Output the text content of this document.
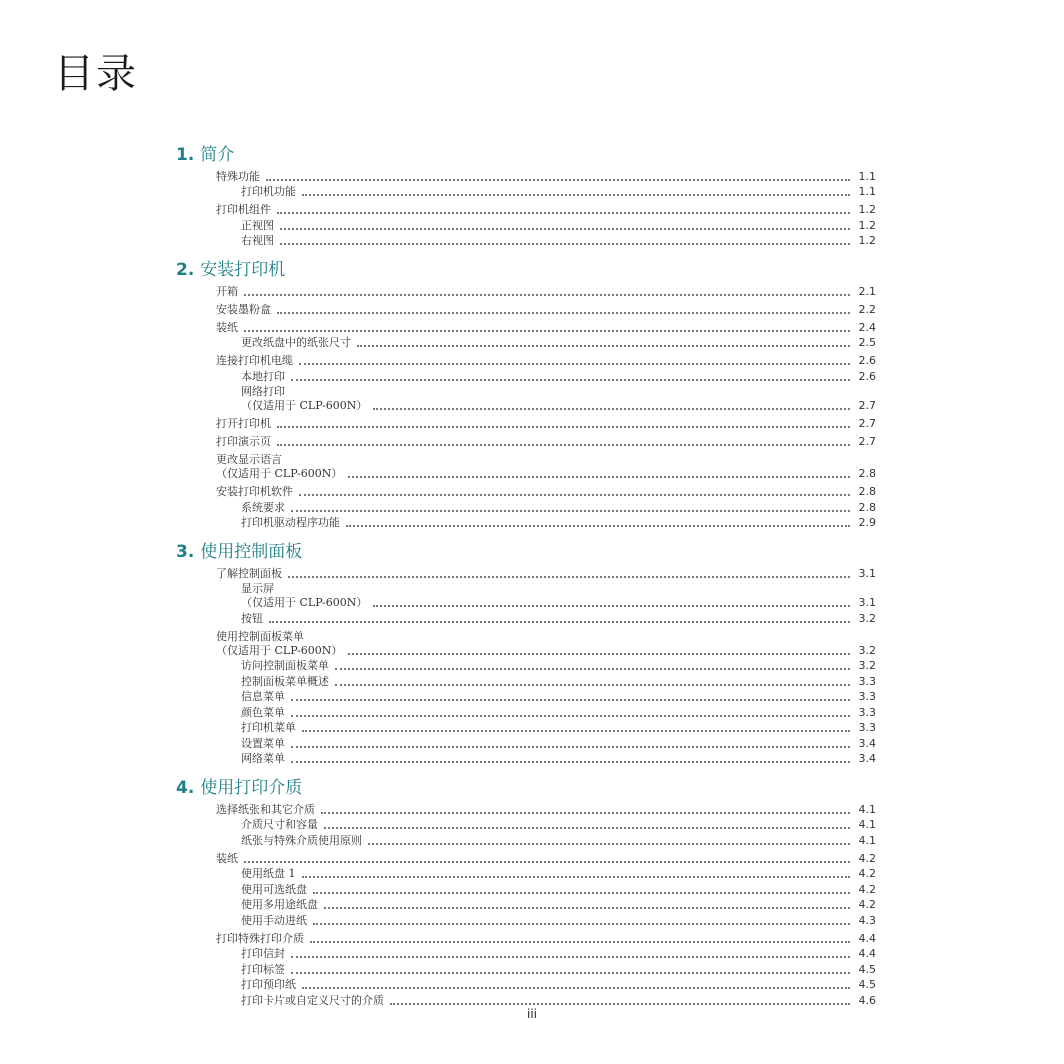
目录
1. 简介
特殊功能	1.1
打印机功能	1.1
打印机组件	1.2
正视图	1.2
右视图	1.2
2. 安装打印机
开箱	2.1
安装墨粉盒	2.2
装纸	2.4
更改纸盘中的纸张尺寸	2.5
连接打印机电缆	2.6
本地打印	2.6
网络打印
（仅适用于 CLP-600N）	2.7
打开打印机	2.7
打印演示页	2.7
更改显示语言
（仅适用于 CLP-600N）	2.8
安装打印机软件	2.8
系统要求	2.8
打印机驱动程序功能	2.9
3. 使用控制面板
了解控制面板	3.1
显示屏
（仅适用于 CLP-600N）	3.1
按钮	3.2
使用控制面板菜单
（仅适用于 CLP-600N）	3.2
访问控制面板菜单	3.2
控制面板菜单概述	3.3
信息菜单	3.3
颜色菜单	3.3
打印机菜单	3.3
设置菜单	3.4
网络菜单	3.4
4. 使用打印介质
选择纸张和其它介质	4.1
介质尺寸和容量	4.1
纸张与特殊介质使用原则	4.1
装纸	4.2
使用纸盘 1	4.2
使用可选纸盘	4.2
使用多用途纸盘	4.2
使用手动进纸	4.3
打印特殊打印介质	4.4
打印信封	4.4
打印标签	4.5
打印预印纸	4.5
打印卡片或自定义尺寸的介质	4.6
iii
